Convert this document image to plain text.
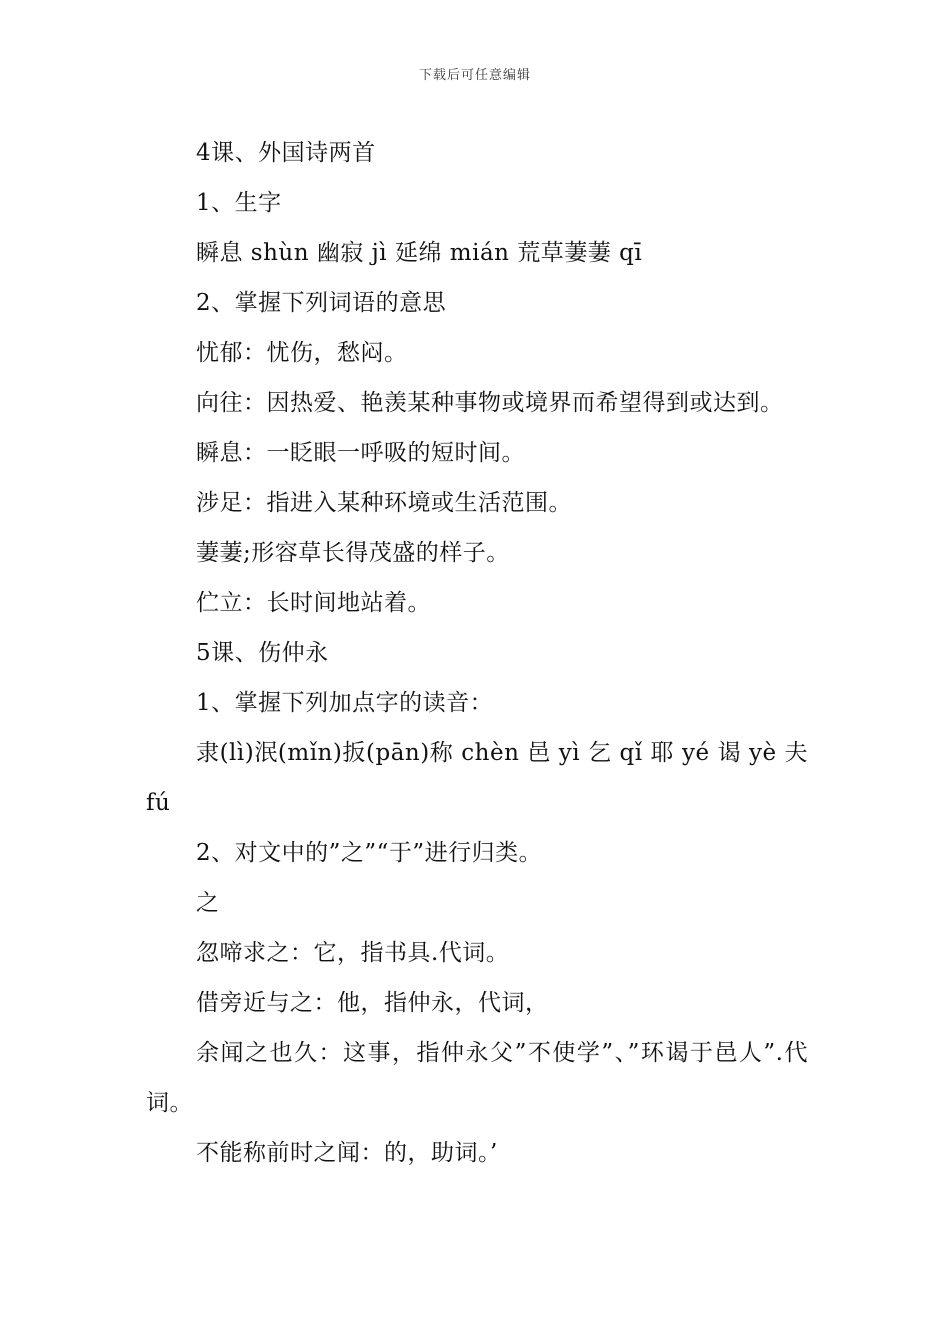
下载后可任意编辑

4课、外国诗两首

1、生字

瞬息 shùn 幽寂 jì 延绵 mián 荒草萋萋 qī

2、掌握下列词语的意思

忧郁：忧伤，愁闷。

向往：因热爱、艳羡某种事物或境界而希望得到或达到。

瞬息：一眨眼一呼吸的短时间。

涉足：指进入某种环境或生活范围。

萋萋;形容草长得茂盛的样子。

伫立：长时间地站着。

5课、伤仲永

1、掌握下列加点字的读音：

隶(lì)泯(mǐn)扳(pān)称 chèn 邑 yì 乞 qǐ 耶 yé 谒 yè 夫 fú

2、对文中的”之”“于”进行归类。

之

忽啼求之：它，指书具.代词。

借旁近与之：他，指仲永，代词，

余闻之也久：这事，指仲永父”不使学”、”环谒于邑人”.代词。

不能称前时之闻：的，助词。’
